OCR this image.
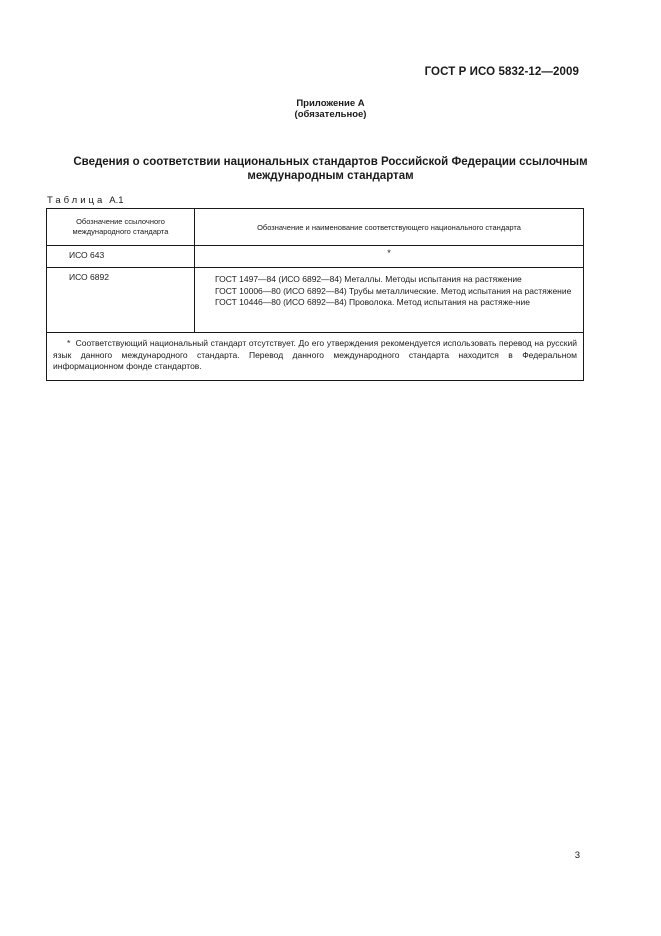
ГОСТ Р ИСО 5832-12—2009
Приложение А
(обязательное)
Сведения о соответствии национальных стандартов Российской Федерации ссылочным
международным стандартам
Таблица А.1
Обозначение ссылочного международного стандарта	Обозначение и наименование соответствующего национального стандарта
ИСО 643	*
ИСО 6892	ГОСТ 1497—84 (ИСО 6892—84) Металлы. Методы испытания на растяжение
ГОСТ 10006—80 (ИСО 6892—84) Трубы металлические. Метод испытания на растяжение
ГОСТ 10446—80 (ИСО 6892—84) Проволока. Метод испытания на растяже-ние

* Соответствующий национальный стандарт отсутствует. До его утверждения рекомендуется использовать перевод на русский язык данного международного стандарта. Перевод данного международного стандарта находится в Федеральном информационном фонде стандартов.	
3
